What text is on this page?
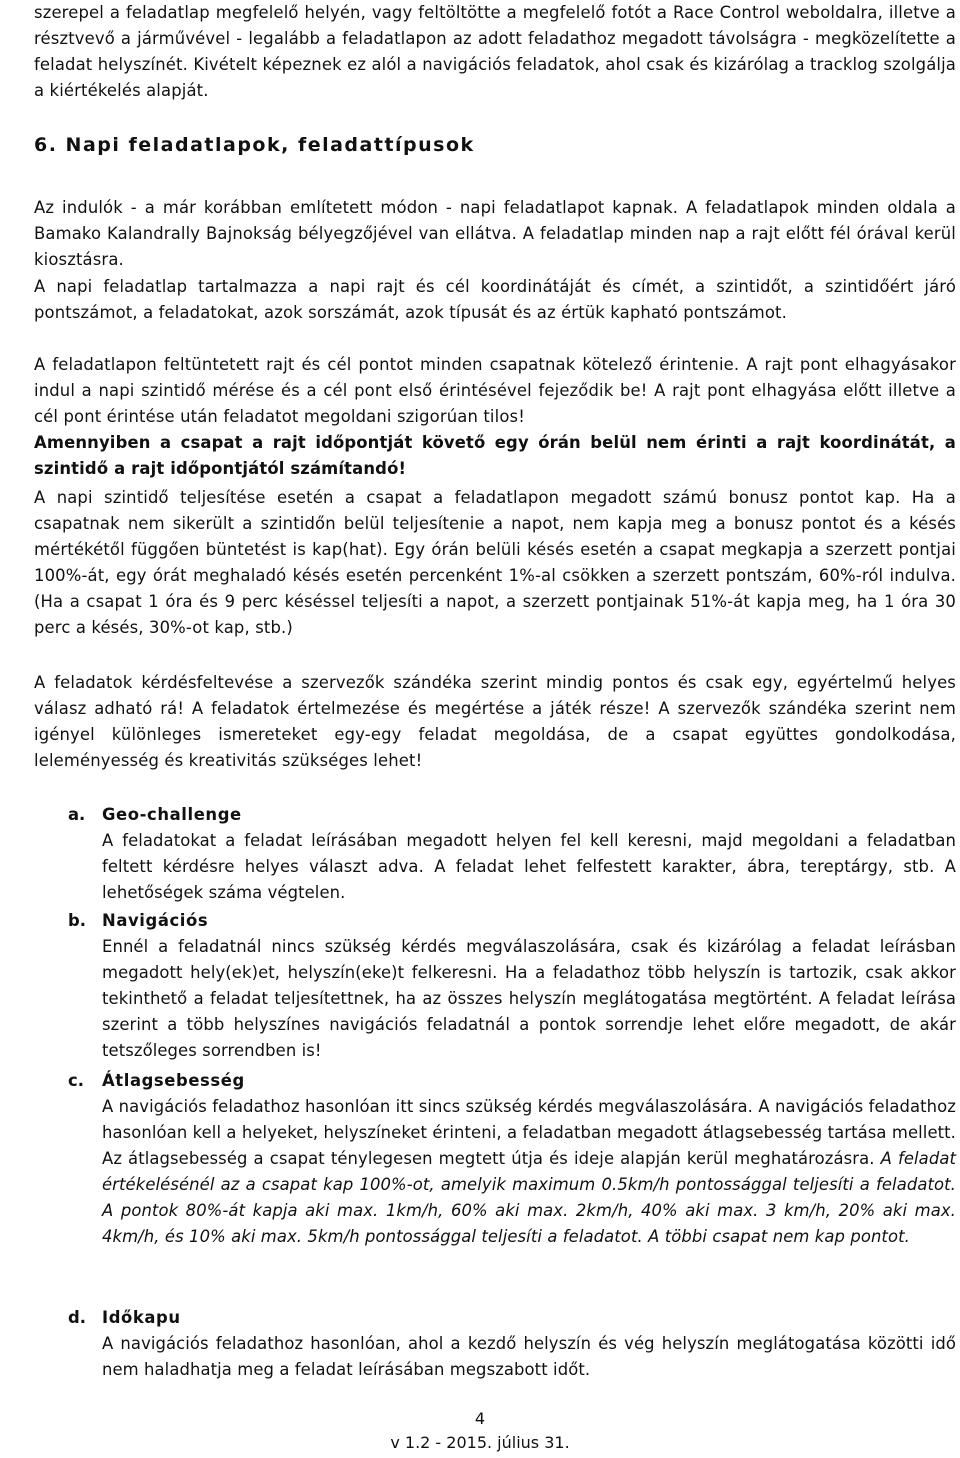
szerepel a feladatlap megfelelő helyén, vagy feltöltötte a megfelelő fotót a Race Control weboldalra, illetve a résztvevő a járművével - legalább a feladatlapon az adott feladathoz megadott távolságra - megközelítette a feladat helyszínét. Kivételt képeznek ez alól a navigációs feladatok, ahol csak és kizárólag a tracklog szolgálja a kiértékelés alapját.

6. Napi feladatlapok, feladattípusok

Az indulók - a már korábban említetett módon - napi feladatlapot kapnak. A feladatlapok minden oldala a Bamako Kalandrally Bajnokság bélyegzőjével van ellátva. A feladatlap minden nap a rajt előtt fél órával kerül kiosztásra.

A napi feladatlap tartalmazza a napi rajt és cél koordinátáját és címét, a szintidőt, a szintidőért járó pontszámot, a feladatokat, azok sorszámát, azok típusát és az értük kapható pontszámot.

A feladatlapon feltüntetett rajt és cél pontot minden csapatnak kötelező érintenie. A rajt pont elhagyásakor indul a napi szintidő mérése és a cél pont első érintésével fejeződik be! A rajt pont elhagyása előtt illetve a cél pont érintése után feladatot megoldani szigorúan tilos!

Amennyiben a csapat a rajt időpontját követő egy órán belül nem érinti a rajt koordinátát, a szintidő a rajt időpontjától számítandó!

A napi szintidő teljesítése esetén a csapat a feladatlapon megadott számú bonusz pontot kap. Ha a csapatnak nem sikerült a szintidőn belül teljesítenie a napot, nem kapja meg a bonusz pontot és a késés mértékétől függően büntetést is kap(hat). Egy órán belüli késés esetén a csapat megkapja a szerzett pontjai 100%-át, egy órát meghaladó késés esetén percenként 1%-al csökken a szerzett pontszám, 60%-ról indulva. (Ha a csapat 1 óra és 9 perc késéssel teljesíti a napot, a szerzett pontjainak 51%-át kapja meg, ha 1 óra 30 perc a késés, 30%-ot kap, stb.)

A feladatok kérdésfeltevése a szervezők szándéka szerint mindig pontos és csak egy, egyértelmű helyes válasz adható rá! A feladatok értelmezése és megértése a játék része! A szervezők szándéka szerint nem igényel különleges ismereteket egy-egy feladat megoldása, de a csapat együttes gondolkodása, leleményesség és kreativitás szükséges lehet!

a. Geo-challenge

A feladatokat a feladat leírásában megadott helyen fel kell keresni, majd megoldani a feladatban feltett kérdésre helyes választ adva. A feladat lehet felfestett karakter, ábra, tereptárgy, stb. A lehetőségek száma végtelen.

b. Navigációs

Ennél a feladatnál nincs szükség kérdés megválaszolására, csak és kizárólag a feladat leírásban megadott hely(ek)et, helyszín(eke)t felkeresni. Ha a feladathoz több helyszín is tartozik, csak akkor tekinthető a feladat teljesítettnek, ha az összes helyszín meglátogatása megtörtént. A feladat leírása szerint a több helyszínes navigációs feladatnál a pontok sorrendje lehet előre megadott, de akár tetszőleges sorrendben is!

c. Átlagsebesség

A navigációs feladathoz hasonlóan itt sincs szükség kérdés megválaszolására. A navigációs feladathoz hasonlóan kell a helyeket, helyszíneket érinteni, a feladatban megadott átlagsebesség tartása mellett. Az átlagsebesség a csapat ténylegesen megtett útja és ideje alapján kerül meghatározásra. A feladat értékelésénél az a csapat kap 100%-ot, amelyik maximum 0.5km/h pontossággal teljesíti a feladatot. A pontok 80%-át kapja aki max. 1km/h, 60% aki max. 2km/h, 40% aki max. 3 km/h, 20% aki max. 4km/h, és 10% aki max. 5km/h pontossággal teljesíti a feladatot. A többi csapat nem kap pontot.

d. Időkapu

A navigációs feladathoz hasonlóan, ahol a kezdő helyszín és vég helyszín meglátogatása közötti idő nem haladhatja meg a feladat leírásában megszabott időt.

4
v 1.2 - 2015. július 31.
